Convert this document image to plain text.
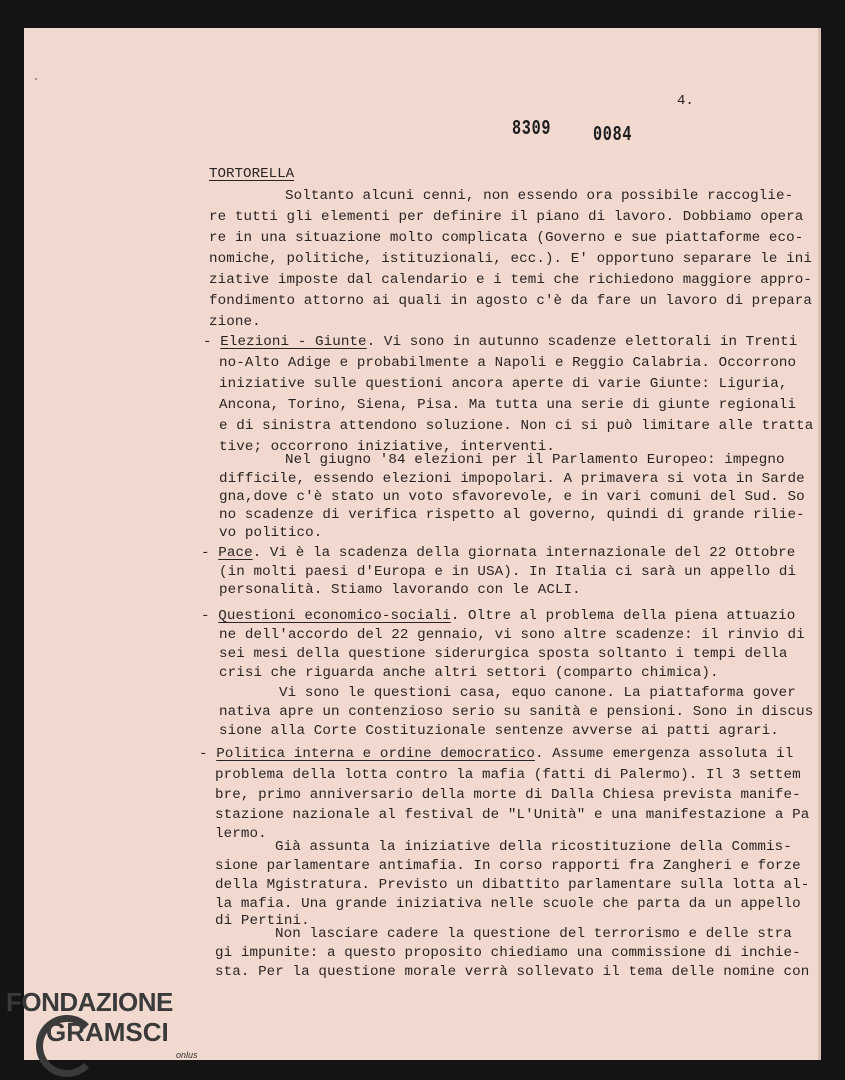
4.
8309 0084
TORTORELLA
Soltanto alcuni cenni, non essendo ora possibile raccoglie-
re tutti gli elementi per definire il piano di lavoro. Dobbiamo opera
re in una situazione molto complicata (Governo e sue piattaforme eco-
nomiche, politiche, istituzionali, ecc.). E' opportuno separare le ini
ziative imposte dal calendario e i temi che richiedono maggiore appro-
fondimento attorno ai quali in agosto c'è da fare un lavoro di prepara
zione.
- Elezioni - Giunte. Vi sono in autunno scadenze elettorali in Trenti
no-Alto Adige e probabilmente a Napoli e Reggio Calabria. Occorrono
iniziative sulle questioni ancora aperte di varie Giunte: Liguria,
Ancona, Torino, Siena, Pisa. Ma tutta una serie di giunte regionali
e di sinistra attendono soluzione. Non ci si può limitare alle tratta
tive; occorrono iniziative, interventi.
Nel giugno '84 elezioni per il Parlamento Europeo: impegno
difficile, essendo elezioni impopolari. A primavera si vota in Sarde
gna,dove c'è stato un voto sfavorevole, e in vari comuni del Sud. So
no scadenze di verifica rispetto al governo, quindi di grande rilie-
vo politico.
- Pace. Vi è la scadenza della giornata internazionale del 22 Ottobre
(in molti paesi d'Europa e in USA). In Italia ci sarà un appello di
personalità. Stiamo lavorando con le ACLI.
- Questioni economico-sociali. Oltre al problema della piena attuazio
ne dell'accordo del 22 gennaio, vi sono altre scadenze: il rinvio di
sei mesi della questione siderurgica sposta soltanto i tempi della
crisi che riguarda anche altri settori (comparto chimica).
Vi sono le questioni casa, equo canone. La piattaforma gover
nativa apre un contenzioso serio su sanità e pensioni. Sono in discus
sione alla Corte Costituzionale sentenze avverse ai patti agrari.
- Politica interna e ordine democratico. Assume emergenza assoluta il
problema della lotta contro la mafia (fatti di Palermo). Il 3 settem
bre, primo anniversario della morte di Dalla Chiesa prevista manife-
stazione nazionale al festival de "L'Unità" e una manifestazione a Pa
lermo.
Già assunta la iniziative della ricostituzione della Commis-
sione parlamentare antimafia. In corso rapporti fra Zangheri e forze
della Mgistratura. Previsto un dibattito parlamentare sulla lotta al-
la mafia. Una grande iniziativa nelle scuole che parta da un appello
di Pertini.
Non lasciare cadere la questione del terrorismo e delle stra
gi impunite: a questo proposito chiediamo una commissione di inchie-
sta. Per la questione morale verrà sollevato il tema delle nomine con
FONDAZIONE
GRAMSCI
onlus
